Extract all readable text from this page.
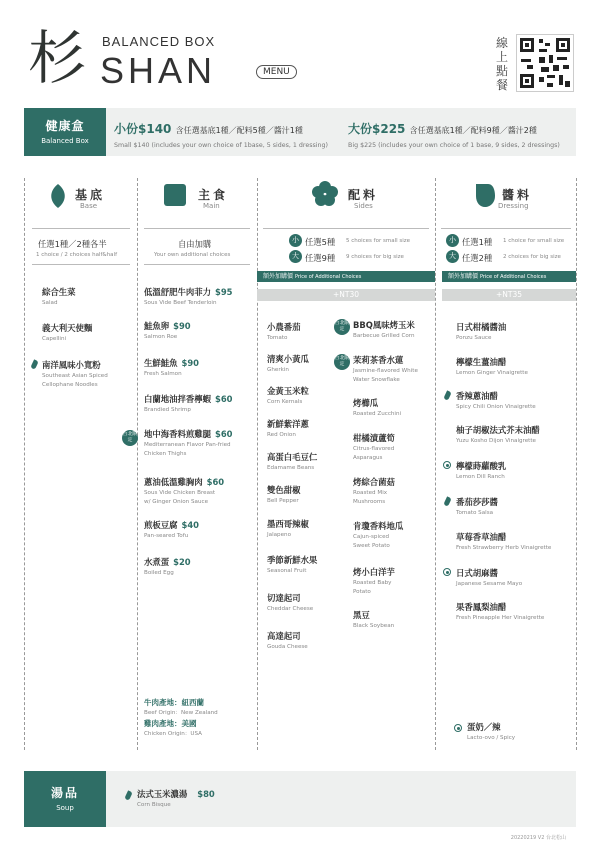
杉 BALANCED BOX
SHAN	MENU
線上點餐
健康盒
Balanced Box
小份$140 含任選基底1種／配料5種／醬汁1種
Small $140 (includes your own choice of 1base, 5 sides, 1 dressing)
大份$225 含任選基底1種／配料9種／醬汁2種
Big $225 (includes your own choice of 1 base, 9 sides, 2 dressings)
基底
Base
任選1種／2種各半
1 choice / 2 choices half&half
綜合生菜
Salad
義大利天使麵
Capellini
南洋風味小寬粉
Southeast Asian Spiced
Cellophane Noodles
主食
Main
自由加購
Your own additional choices
低溫舒肥牛肉菲力 $95
Sous Vide Beef Tenderloin
鮭魚卵 $90
Salmon Roe
生鮮鮭魚 $90
Fresh Salmon
白蘭地油拌香檸蝦 $60
Brandied Shrimp
台北限定
地中海香料煎雞腿 $60
Mediterranean Flavor Pan-fried
Chicken Thighs
蔥油低溫雞胸肉 $60
Sous Vide Chicken Breast
w/ Ginger Onion Sauce
煎板豆腐 $40
Pan-seared Tofu
水煮蛋 $20
Boiled Egg
牛肉產地：紐西蘭
Beef Origin：New Zealand
雞肉產地：美國
Chicken Origin：USA
配料
Sides
小 任選5種 5 choices for small size
大 任選9種 9 choices for big size
額外加購價 Price of Additional Choices
+NT30
小農番茄
Tomato
清爽小黃瓜
Gherkin
金黃玉米粒
Corn Kernals
新鮮紫洋蔥
Red Onion
高蛋白毛豆仁
Edamame Beans
雙色甜椒
Bell Pepper
墨西哥辣椒
Jalapeno
季節新鮮水果
Seasonal Fruit
切達起司
Cheddar Cheese
高達起司
Gouda Cheese
台北限定	BBQ風味烤玉米
Barbecue Grilled Corn
台北限定	茉莉茶香水蓮
Jasmine-flavored White
Water Snowflake
烤櫛瓜
Roasted Zucchini
柑橘漬蘆筍
Citrus-flavored
Asparagus
烤綜合菌菇
Roasted Mix
Mushrooms
肯瓊香料地瓜
Cajun-spiced
Sweet Potato
烤小白洋芋
Roasted Baby
Potato
黑豆
Black Soybean
醬料
Dressing
小 任選1種 1 choice for small size
大 任選2種 2 choices for big size
額外加購價 Price of Additional Choices
+NT35
日式柑橘醬油
Ponzu Sauce
檸檬生薑油醋
Lemon Ginger Vinaigrette
香辣蔥油醋
Spicy Chili Onion Vinaigrette
柚子胡椒法式芥末油醋
Yuzu Kosho Dijon Vinaigrette
檸檬蒔蘿酸乳
Lemon Dill Ranch
番茄莎莎醬
Tomato Salsa
草莓香草油醋
Fresh Strawberry Herb Vinaigrette
日式胡麻醬
Japanese Sesame Mayo
果香鳳梨油醋
Fresh Pineapple Her Vinaigrette
蛋奶／辣
Lacto-ovo / Spicy
湯品
Soup
法式玉米濃湯 $80
Corn Bisque
20220219 V2 台北松山
